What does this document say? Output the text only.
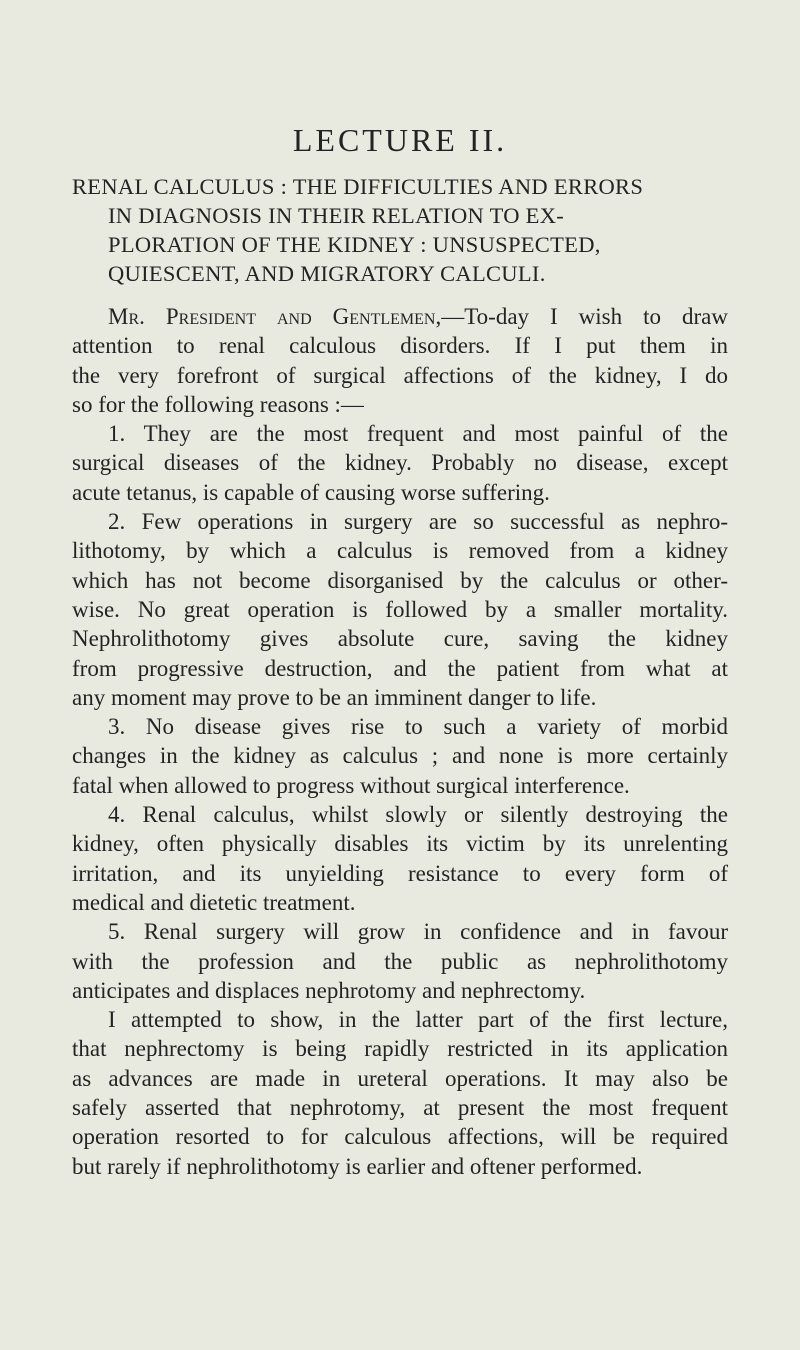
LECTURE II.
RENAL CALCULUS : THE DIFFICULTIES AND ERRORS
IN DIAGNOSIS IN THEIR RELATION TO EX-
PLORATION OF THE KIDNEY : UNSUSPECTED,
QUIESCENT, AND MIGRATORY CALCULI.
Mr. President and Gentlemen,—To-day I wish to draw
attention to renal calculous disorders. If I put them in
the very forefront of surgical affections of the kidney, I do
so for the following reasons :—
1. They are the most frequent and most painful of the
surgical diseases of the kidney. Probably no disease, except
acute tetanus, is capable of causing worse suffering.
2. Few operations in surgery are so successful as nephro-
lithotomy, by which a calculus is removed from a kidney
which has not become disorganised by the calculus or other-
wise. No great operation is followed by a smaller mortality.
Nephrolithotomy gives absolute cure, saving the kidney
from progressive destruction, and the patient from what at
any moment may prove to be an imminent danger to life.
3. No disease gives rise to such a variety of morbid
changes in the kidney as calculus ; and none is more certainly
fatal when allowed to progress without surgical interference.
4. Renal calculus, whilst slowly or silently destroying the
kidney, often physically disables its victim by its unrelenting
irritation, and its unyielding resistance to every form of
medical and dietetic treatment.
5. Renal surgery will grow in confidence and in favour
with the profession and the public as nephrolithotomy
anticipates and displaces nephrotomy and nephrectomy.
I attempted to show, in the latter part of the first lecture,
that nephrectomy is being rapidly restricted in its application
as advances are made in ureteral operations. It may also be
safely asserted that nephrotomy, at present the most frequent
operation resorted to for calculous affections, will be required
but rarely if nephrolithotomy is earlier and oftener performed.
